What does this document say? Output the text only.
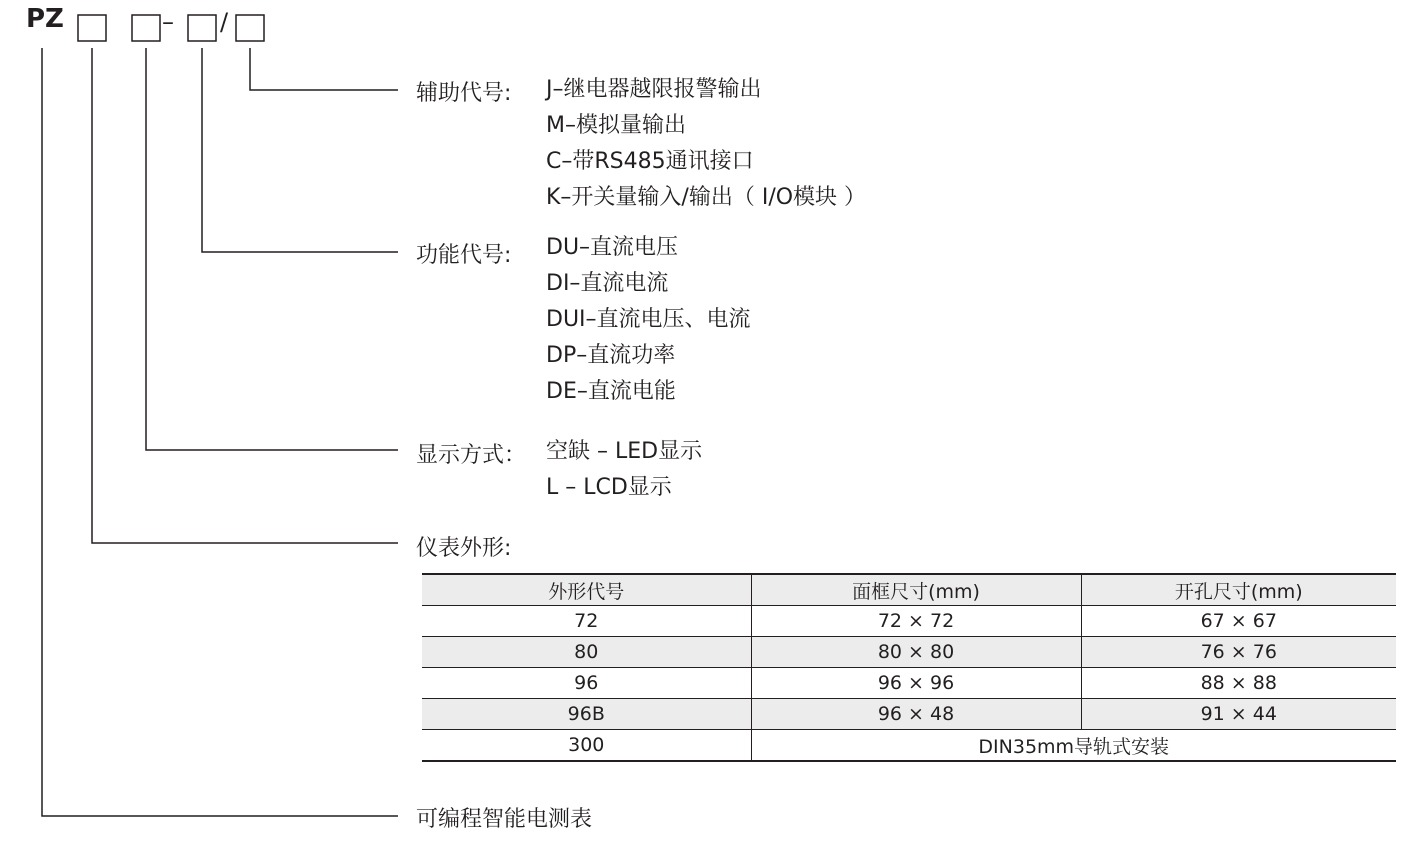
PZ	– /
辅助代号: J–继电器越限报警输出
M–模拟量输出
C–带RS485通讯接口
K–开关量输入/输出（ I/O模块 ）
功能代号: DU–直流电压
DI–直流电流
DUI–直流电压、电流
DP–直流功率
DE–直流电能
显示方式： 空缺 – LED显示
L – LCD显示
仪表外形:
外形代号	面框尺寸(mm)	开孔尺寸(mm)
72	72 × 72	67 × 67
80	80 × 80	76 × 76
96	96 × 96	88 × 88
96B	96 × 48	91 × 44
300	DIN35mm导轨式安装	
可编程智能电测表
